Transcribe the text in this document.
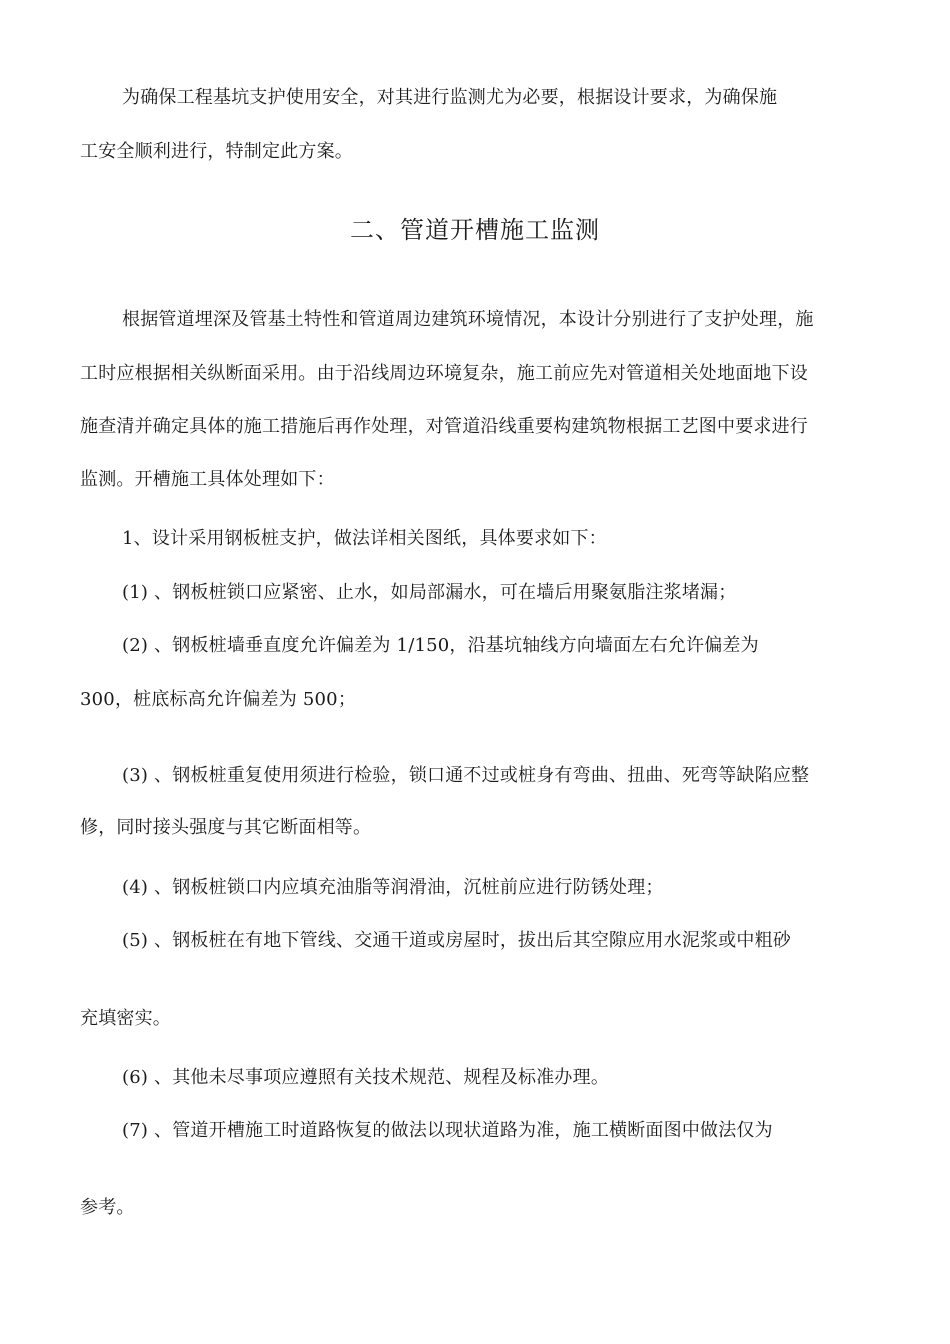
为确保工程基坑支护使用安全，对其进行监测尤为必要，根据设计要求，为确保施
工安全顺利进行，特制定此方案。
二、管道开槽施工监测
根据管道埋深及管基土特性和管道周边建筑环境情况，本设计分别进行了支护处理，施
工时应根据相关纵断面采用。由于沿线周边环境复杂，施工前应先对管道相关处地面地下设
施查清并确定具体的施工措施后再作处理，对管道沿线重要构建筑物根据工艺图中要求进行
监测。开槽施工具体处理如下：
1、设计采用钢板桩支护，做法详相关图纸，具体要求如下：
(1) 、钢板桩锁口应紧密、止水，如局部漏水，可在墙后用聚氨脂注浆堵漏；
(2) 、钢板桩墙垂直度允许偏差为 1/150，沿基坑轴线方向墙面左右允许偏差为
300，桩底标高允许偏差为 500；
(3) 、钢板桩重复使用须进行检验，锁口通不过或桩身有弯曲、扭曲、死弯等缺陷应整
修，同时接头强度与其它断面相等。
(4) 、钢板桩锁口内应填充油脂等润滑油，沉桩前应进行防锈处理；
(5) 、钢板桩在有地下管线、交通干道或房屋时，拔出后其空隙应用水泥浆或中粗砂
充填密实。
(6) 、其他未尽事项应遵照有关技术规范、规程及标准办理。
(7) 、管道开槽施工时道路恢复的做法以现状道路为准，施工横断面图中做法仅为
参考。
